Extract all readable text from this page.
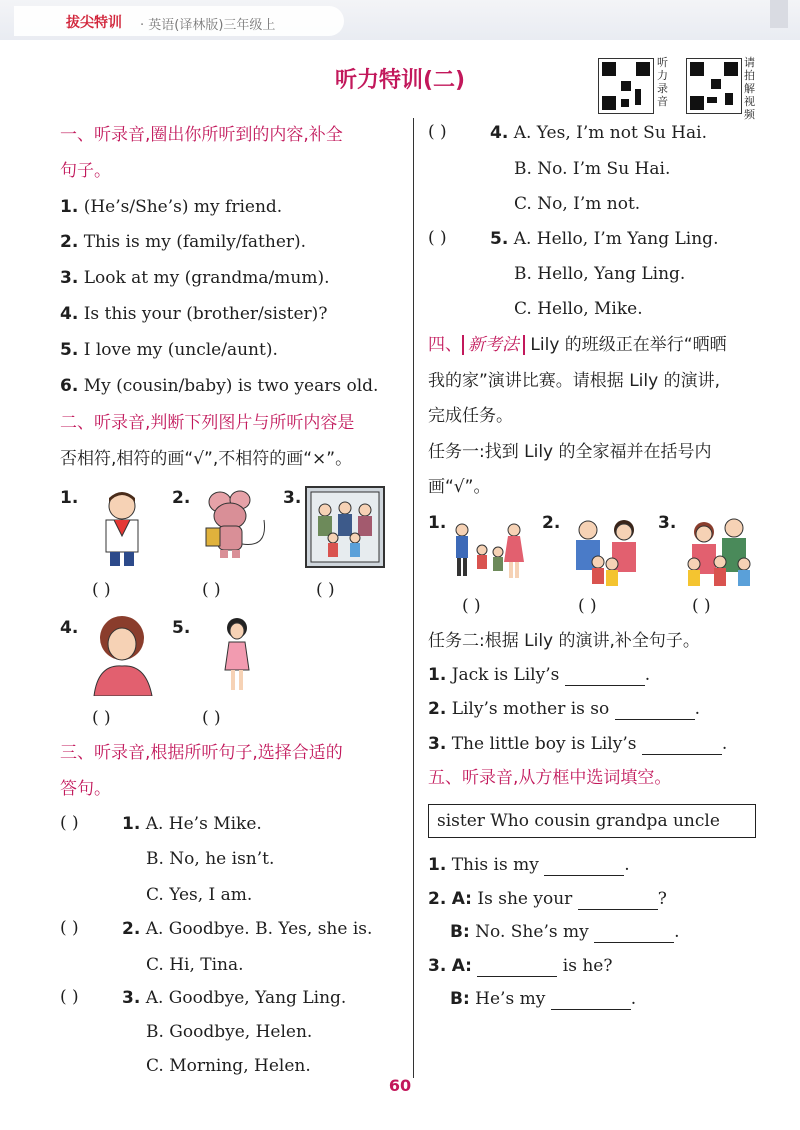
拔尖特训 · 英语(译林版)三年级上
听力特训(二)
听力录音
请拍解视频
一、听录音,圈出你所听到的内容,补全
句子。
1. (He’s/She’s) my friend.
2. This is my (family/father).
3. Look at my (grandma/mum).
4. Is this your (brother/sister)?
5. I love my (uncle/aunt).
6. My (cousin/baby) is two years old.
二、听录音,判断下列图片与所听内容是
否相符,相符的画“√”,不相符的画“×”。
1.
( )
2.
( )
3.
( )
4.
( )
5.
( )
三、听录音,根据所听句子,选择合适的
答句。
( )	1. A. He’s Mike.
B. No, he isn’t.
C. Yes, I am.
( )	2. A. Goodbye. B. Yes, she is.
C. Hi, Tina.
( )	3. A. Goodbye, Yang Ling.
B. Goodbye, Helen.
C. Morning, Helen.
( )	4. A. Yes, I’m not Su Hai.
B. No. I’m Su Hai.
C. No, I’m not.
( )	5. A. Hello, I’m Yang Ling.
B. Hello, Yang Ling.
C. Hello, Mike.
四、 新考法 Lily 的班级正在举行“晒晒
我的家”演讲比赛。请根据 Lily 的演讲,
完成任务。
任务一:找到 Lily 的全家福并在括号内
画“√”。
1.
( )
2.
( )
3.
( )
任务二:根据 Lily 的演讲,补全句子。
1. Jack is Lily’s	.
2. Lily’s mother is so	.
3. The little boy is Lily’s	.
五、听录音,从方框中选词填空。
sister Who cousin grandpa uncle
1. This is my	.
2. A: Is she your	?
B: No. She’s my	.
3. A:	is he?
B: He’s my	.
60
